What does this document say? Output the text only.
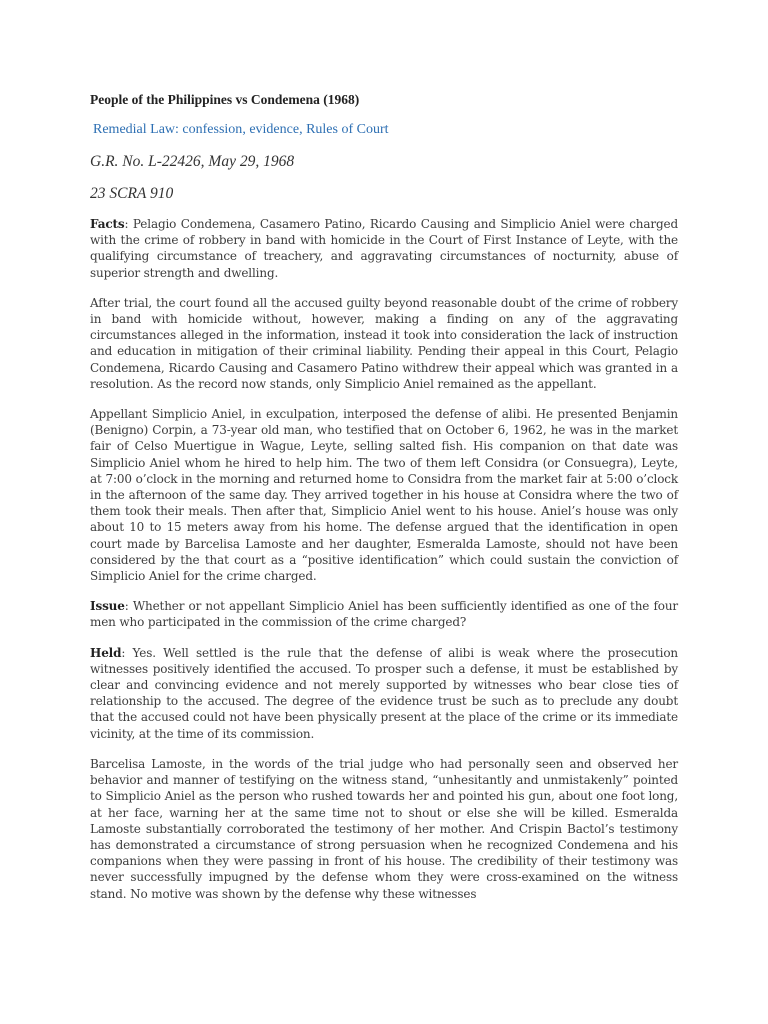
People of the Philippines vs Condemena (1968)
Remedial Law: confession, evidence, Rules of Court
G.R. No. L-22426, May 29, 1968
23 SCRA 910

Facts: Pelagio Condemena, Casamero Patino, Ricardo Causing and Simplicio Aniel were charged with the crime of robbery in band with homicide in the Court of First Instance of Leyte, with the qualifying circumstance of treachery, and aggravating circumstances of nocturnity, abuse of superior strength and dwelling.

After trial, the court found all the accused guilty beyond reasonable doubt of the crime of robbery in band with homicide without, however, making a finding on any of the aggravating circumstances alleged in the information, instead it took into consideration the lack of instruction and education in mitigation of their criminal liability. Pending their appeal in this Court, Pelagio Condemena, Ricardo Causing and Casamero Patino withdrew their appeal which was granted in a resolution. As the record now stands, only Simplicio Aniel remained as the appellant.

Appellant Simplicio Aniel, in exculpation, interposed the defense of alibi. He presented Benjamin (Benigno) Corpin, a 73-year old man, who testified that on October 6, 1962, he was in the market fair of Celso Muertigue in Wague, Leyte, selling salted fish. His companion on that date was Simplicio Aniel whom he hired to help him. The two of them left Considra (or Consuegra), Leyte, at 7:00 o’clock in the morning and returned home to Considra from the market fair at 5:00 o’clock in the afternoon of the same day. They arrived together in his house at Considra where the two of them took their meals. Then after that, Simplicio Aniel went to his house. Aniel’s house was only about 10 to 15 meters away from his home. The defense argued that the identification in open court made by Barcelisa Lamoste and her daughter, Esmeralda Lamoste, should not have been considered by the that court as a “positive identification” which could sustain the conviction of Simplicio Aniel for the crime charged.

Issue: Whether or not appellant Simplicio Aniel has been sufficiently identified as one of the four men who participated in the commission of the crime charged?

Held: Yes. Well settled is the rule that the defense of alibi is weak where the prosecution witnesses positively identified the accused. To prosper such a defense, it must be established by clear and convincing evidence and not merely supported by witnesses who bear close ties of relationship to the accused. The degree of the evidence trust be such as to preclude any doubt that the accused could not have been physically present at the place of the crime or its immediate vicinity, at the time of its commission.

Barcelisa Lamoste, in the words of the trial judge who had personally seen and observed her behavior and manner of testifying on the witness stand, “unhesitantly and unmistakenly” pointed to Simplicio Aniel as the person who rushed towards her and pointed his gun, about one foot long, at her face, warning her at the same time not to shout or else she will be killed. Esmeralda Lamoste substantially corroborated the testimony of her mother. And Crispin Bactol’s testimony has demonstrated a circumstance of strong persuasion when he recognized Condemena and his companions when they were passing in front of his house. The credibility of their testimony was never successfully impugned by the defense whom they were cross-examined on the witness stand. No motive was shown by the defense why these witnesses
